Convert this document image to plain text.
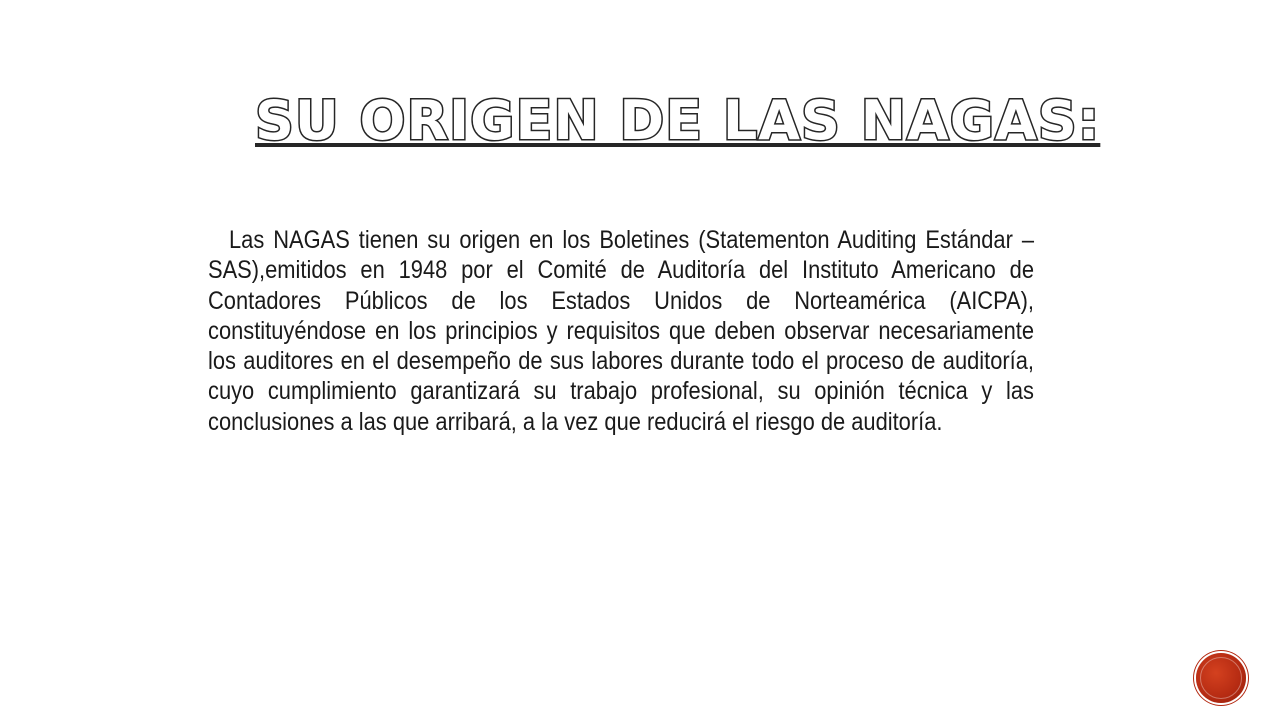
SU ORIGEN DE LAS NAGAS:

Las NAGAS tienen su origen en los Boletines (Statementon Auditing Estándar – SAS),emitidos en 1948 por el Comité de Auditoría del Instituto Americano de Contadores Públicos de los Estados Unidos de Norteamérica (AICPA), constituyéndose en los principios y requisitos que deben observar necesariamente los auditores en el desempeño de sus labores durante todo el proceso de auditoría, cuyo cumplimiento garantizará su trabajo profesional, su opinión técnica y las conclusiones a las que arribará, a la vez que reducirá el riesgo de auditoría.
